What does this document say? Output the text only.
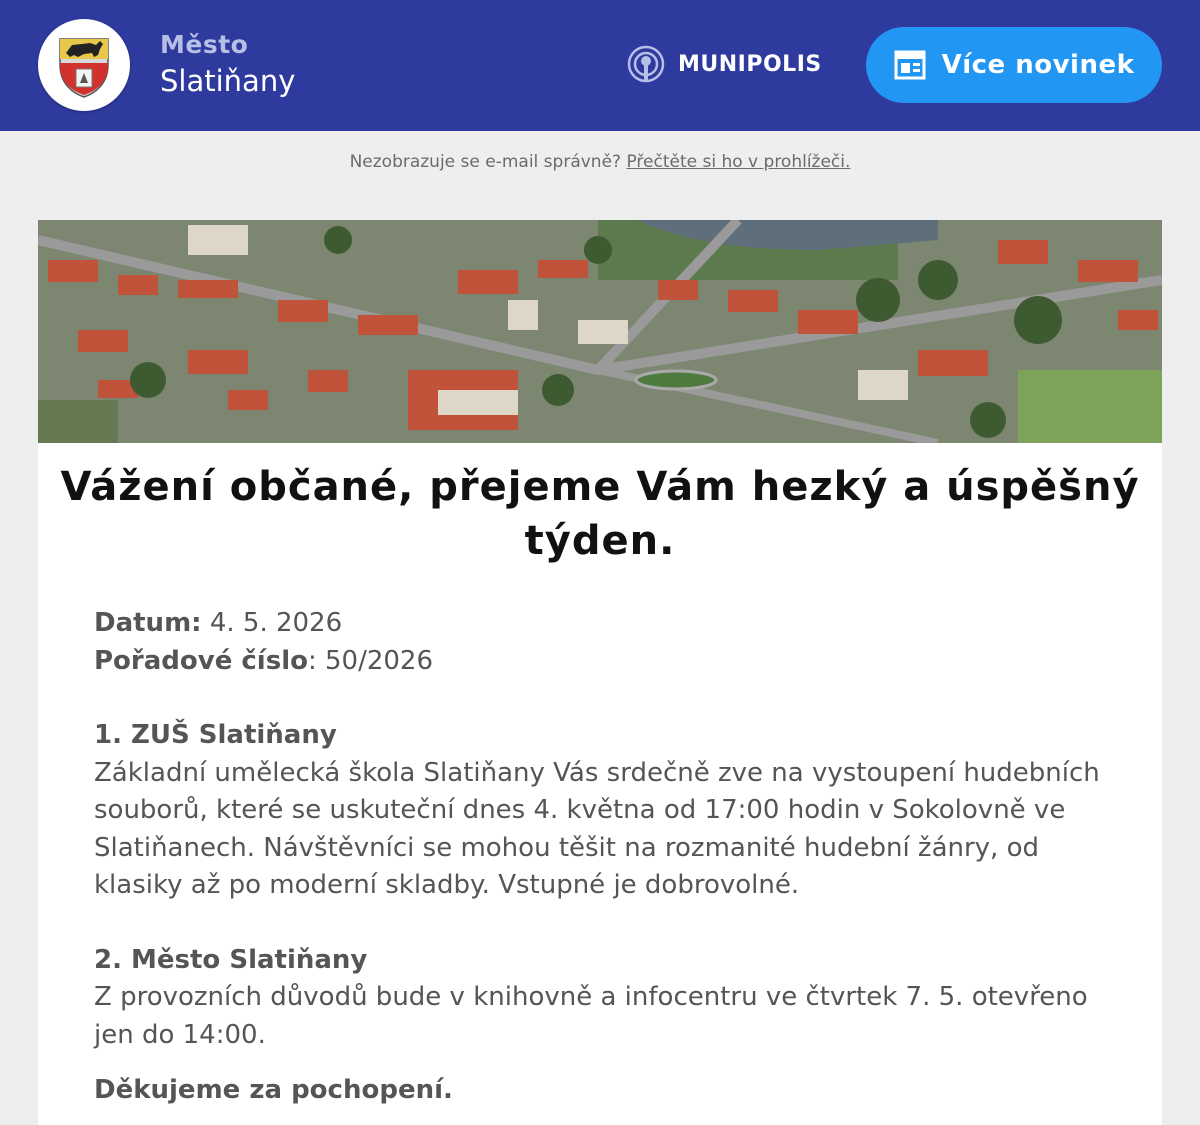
Město
Slatiňany	MUNIPOLIS	Více novinek
Nezobrazuje se e-mail správně? Přečtěte si ho v prohlížeči.
Vážení občané, přejeme Vám hezký a úspěšný týden.
Datum: 4. 5. 2026
Pořadové číslo: 50/2026
1. ZUŠ Slatiňany
Základní umělecká škola Slatiňany Vás srdečně zve na vystoupení hudebních souborů, které se uskuteční dnes 4. května od 17:00 hodin v Sokolovně ve Slatiňanech. Návštěvníci se mohou těšit na rozmanité hudební žánry, od klasiky až po moderní skladby. Vstupné je dobrovolné.
2. Město Slatiňany
Z provozních důvodů bude v knihovně a infocentru ve čtvrtek 7. 5. otevřeno jen do 14:00.
Děkujeme za pochopení.
